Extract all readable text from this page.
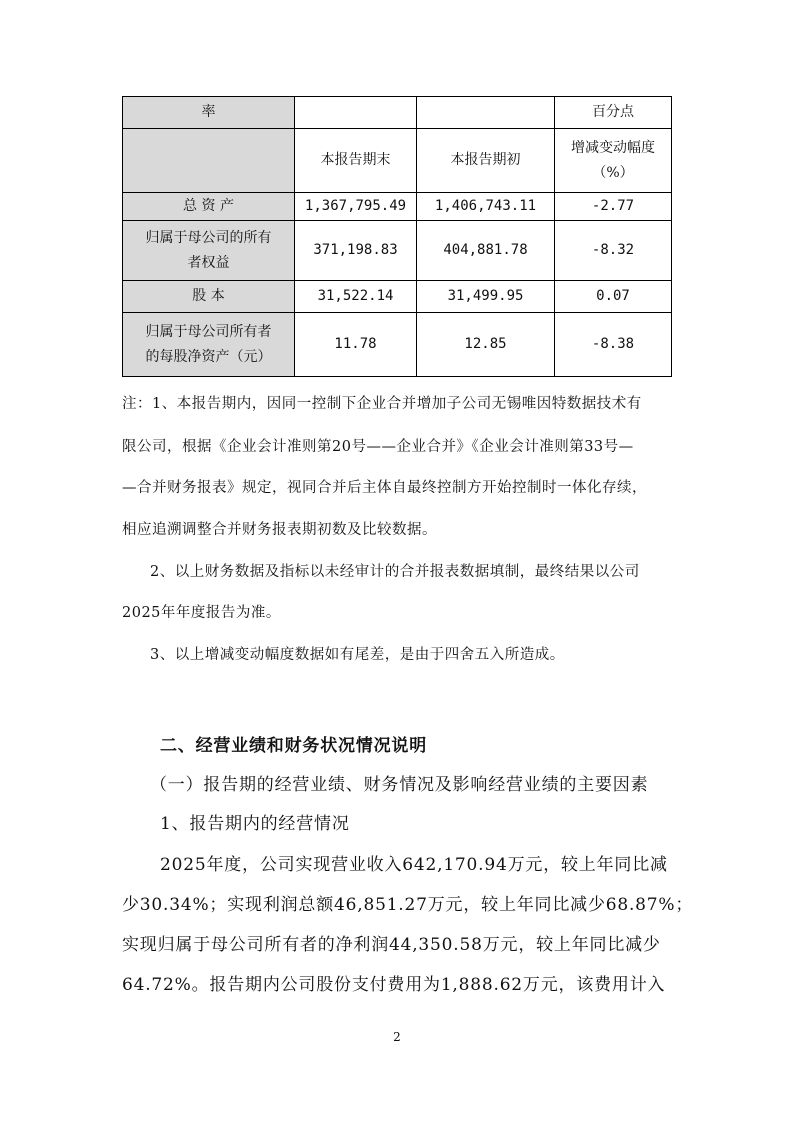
率			百分点
	本报告期末	本报告期初	增减变动幅度
（%）

总 资 产	1,367,795.49	1,406,743.11	-2.77

归属于母公司的所有
者权益	371,198.83	404,881.78	-8.32
股 本	31,522.14	31,499.95	0.07

归属于母公司所有者
的每股净资产（元）	11.78	12.85	-8.38
注：1、本报告期内，因同一控制下企业合并增加子公司无锡唯因特数据技术有
限公司，根据《企业会计准则第20号——企业合并》《企业会计准则第33号—
—合并财务报表》规定，视同合并后主体自最终控制方开始控制时一体化存续，
相应追溯调整合并财务报表期初数及比较数据。
2、以上财务数据及指标以未经审计的合并报表数据填制，最终结果以公司
2025年年度报告为准。
3、以上增减变动幅度数据如有尾差，是由于四舍五入所造成。
二、经营业绩和财务状况情况说明
（一）报告期的经营业绩、财务情况及影响经营业绩的主要因素
1、报告期内的经营情况
2025年度，公司实现营业收入642,170.94万元，较上年同比减
少30.34%；实现利润总额46,851.27万元，较上年同比减少68.87%；
实现归属于母公司所有者的净利润44,350.58万元，较上年同比减少
64.72%。报告期内公司股份支付费用为1,888.62万元，该费用计入
2
